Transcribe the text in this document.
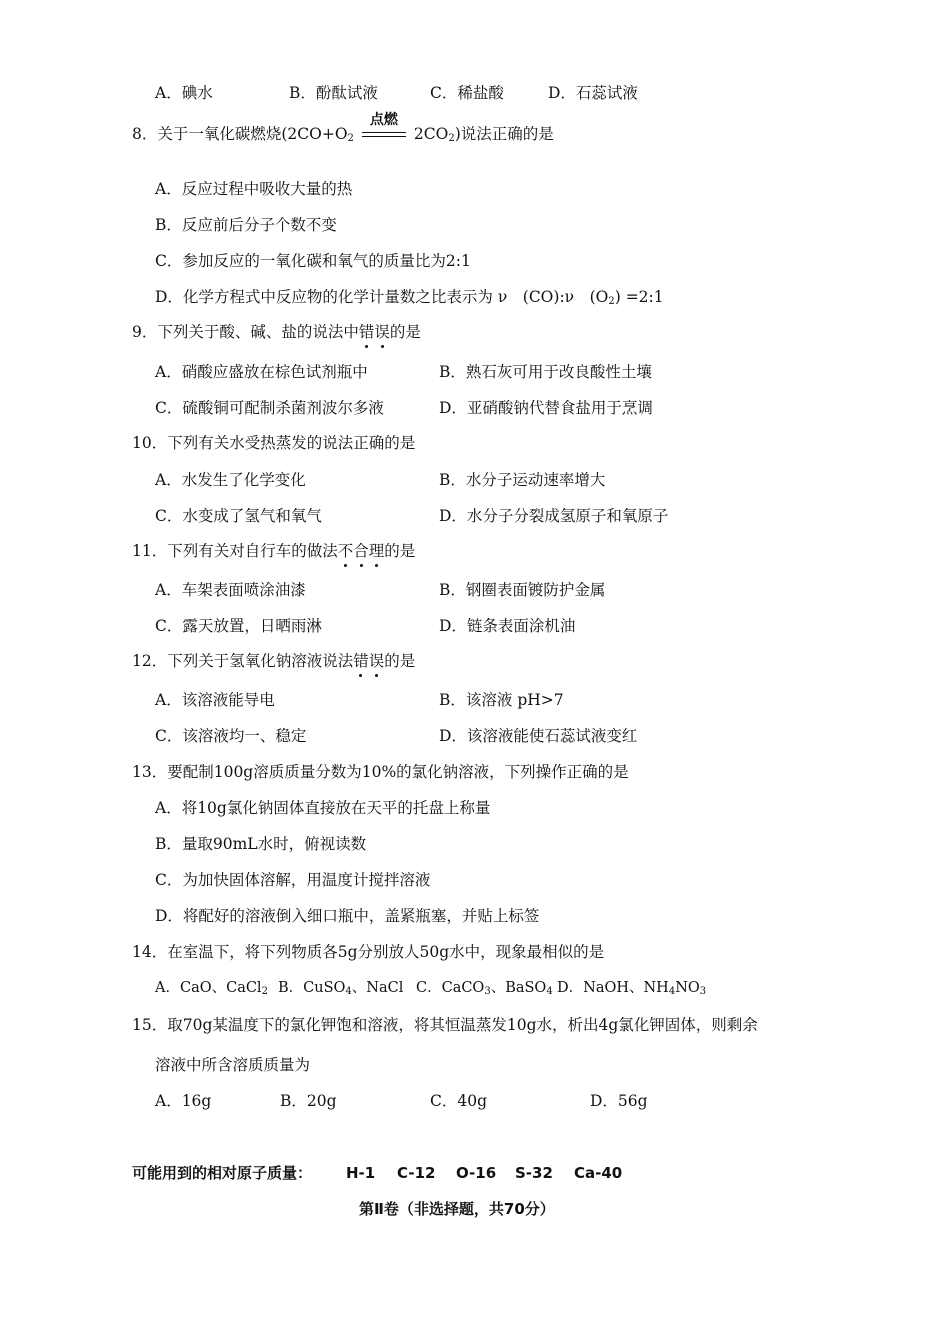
A．碘水	B．酚酞试液	C．稀盐酸	D．石蕊试液
8．关于一氧化碳燃烧($2CO+O_2$
点燃
$2CO_2$)说法正确的是
A．反应过程中吸收大量的热
B．反应前后分子个数不变
C．参加反应的一氧化碳和氧气的质量比为2:1
D．化学方程式中反应物的化学计量数之比表示为 ν　(CO):ν　$(O_2)$ =2:1
9．下列关于酸、碱、盐的说法中错误的是
A．硝酸应盛放在棕色试剂瓶中	B．熟石灰可用于改良酸性土壤
C．硫酸铜可配制杀菌剂波尔多液	D．亚硝酸钠代替食盐用于烹调
10．下列有关水受热蒸发的说法正确的是
A．水发生了化学变化	B．水分子运动速率增大
C．水变成了氢气和氧气	D．水分子分裂成氢原子和氧原子
11．下列有关对自行车的做法不合理的是
A．车架表面喷涂油漆	B．钢圈表面镀防护金属
C．露天放置，日晒雨淋	D．链条表面涂机油
12．下列关于氢氧化钠溶液说法错误的是
A．该溶液能导电	B．该溶液 pH>7
C．该溶液均一、稳定	D．该溶液能使石蕊试液变红
13．要配制100g溶质质量分数为10%的氯化钠溶液，下列操作正确的是
A．将10g氯化钠固体直接放在天平的托盘上称量
B．量取90mL水时，俯视读数
C．为加快固体溶解，用温度计搅拌溶液
D．将配好的溶液倒入细口瓶中，盖紧瓶塞，并贴上标签
14．在室温下，将下列物质各5g分别放人50g水中，现象最相似的是
A．CaO、CaCl$_2$ B．CuSO$_4$、NaCl C．CaCO$_3$、BaSO$_4$ D．NaOH、$NH_4NO_3$
15．取70g某温度下的氯化钾饱和溶液，将其恒温蒸发10g水，析出4g氯化钾固体，则剩余
溶液中所含溶质质量为
A．16g	B．20g	C．40g	D．56g
可能用到的相对原子质量： H-1 C-12 O-16 S-32 Ca-40
第Ⅱ卷（非选择题，共70分）
